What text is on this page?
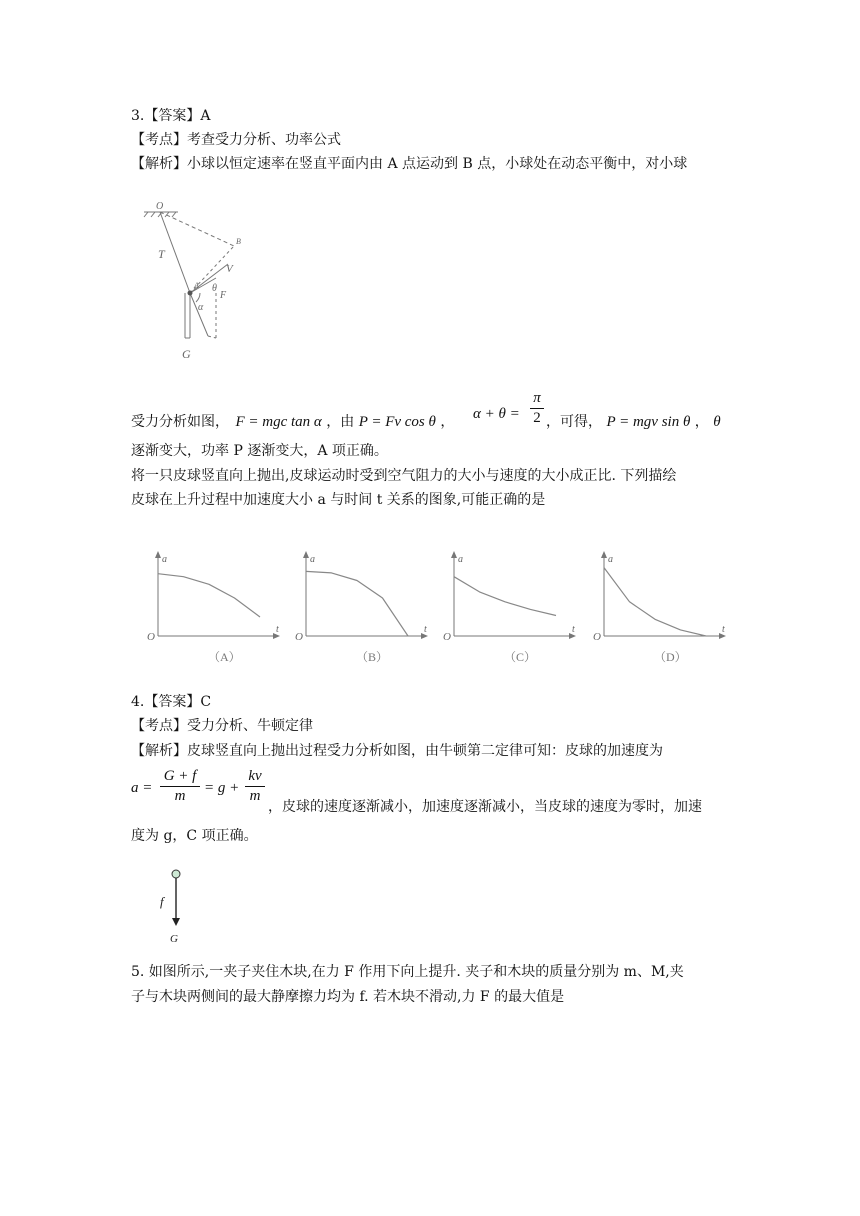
3.【答案】A
【考点】考查受力分析、功率公式
【解析】小球以恒定速率在竖直平面内由 A 点运动到 B 点，小球处在动态平衡中，对小球
O
B
T
V
A θ
F
α
G
受力分析如图， F = mgc tan α ，由 P = Fv cos θ ， α + θ =
π
2 ，可得， P = mgv sin θ ， θ
逐渐变大，功率 P 逐渐变大，A 项正确。
将一只皮球竖直向上抛出,皮球运动时受到空气阻力的大小与速度的大小成正比. 下列描绘
皮球在上升过程中加速度大小 a 与时间 t 关系的图象,可能正确的是
a
t
O
（A）
a
t
O
（B）
a
t
O
（C）
a
t
O
（D）
4.【答案】C
【考点】受力分析、牛顿定律
【解析】皮球竖直向上抛出过程受力分析如图，由牛顿第二定律可知：皮球的加速度为
a =
G + f
m	= g +
kv
m
，皮球的速度逐渐减小，加速度逐渐减小，当皮球的速度为零时，加速
度为 g，C 项正确。
f
G
5. 如图所示,一夹子夹住木块,在力 F 作用下向上提升. 夹子和木块的质量分别为 m、M,夹
子与木块两侧间的最大静摩擦力均为 f. 若木块不滑动,力 F 的最大值是
